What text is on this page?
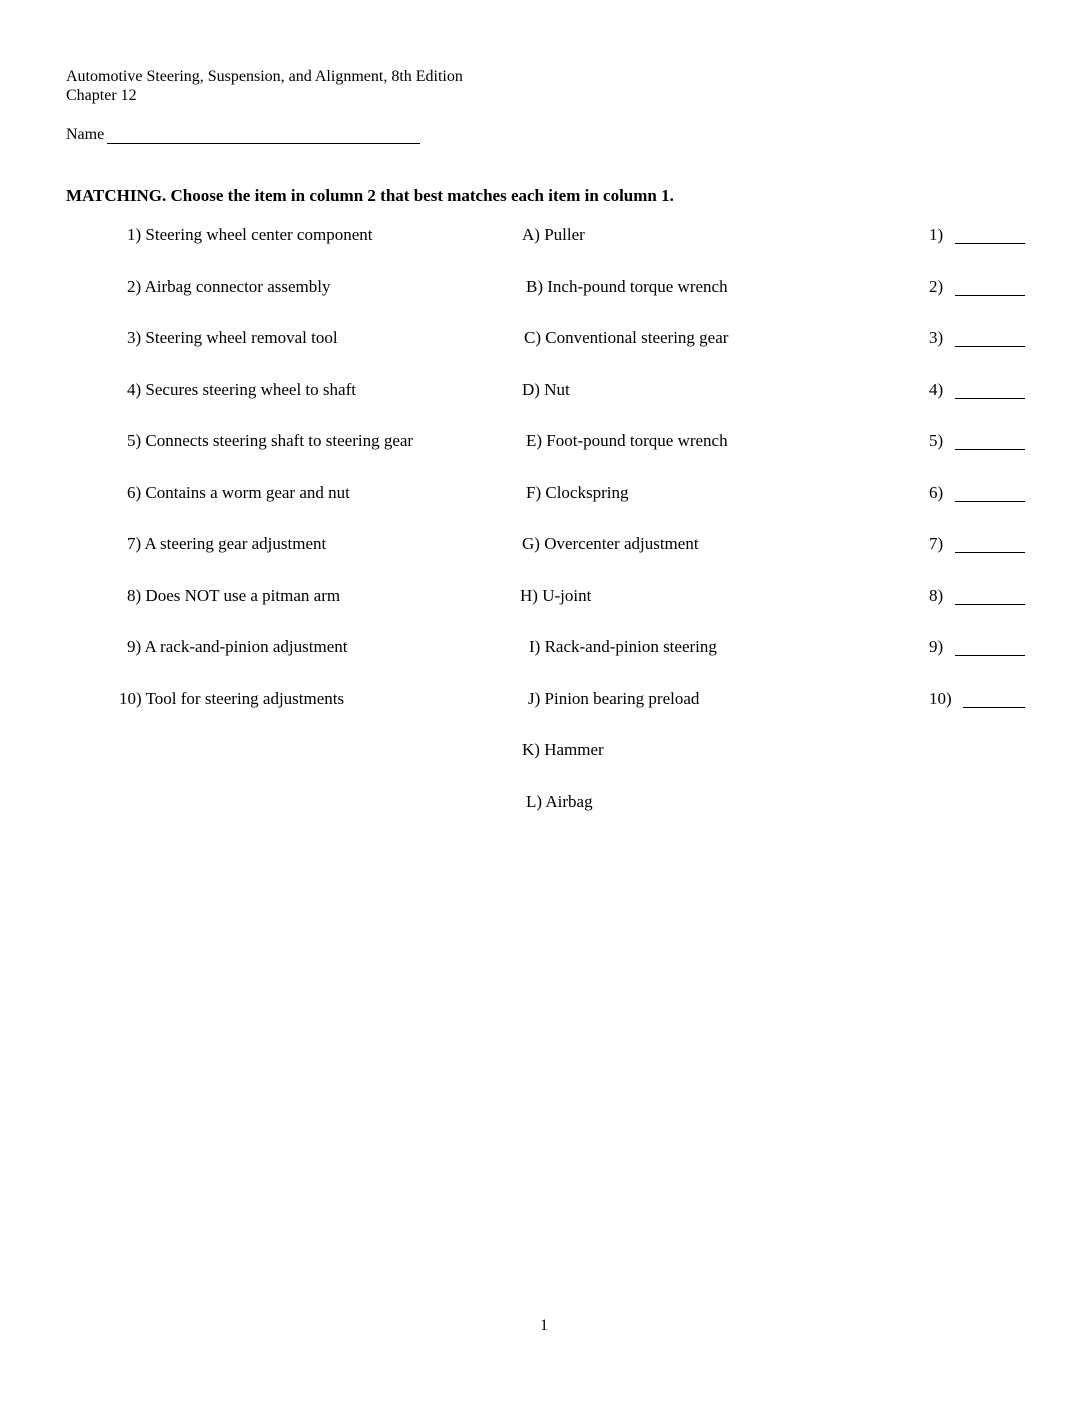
Automotive Steering, Suspension, and Alignment, 8th Edition
Chapter 12
Name
MATCHING. Choose the item in column 2 that best matches each item in column 1.
1) Steering wheel center component
2) Airbag connector assembly
3) Steering wheel removal tool
4) Secures steering wheel to shaft
5) Connects steering shaft to steering gear
6) Contains a worm gear and nut
7) A steering gear adjustment
8) Does NOT use a pitman arm
9) A rack-and-pinion adjustment
10) Tool for steering adjustments
A) Puller
B) Inch-pound torque wrench
C) Conventional steering gear
D) Nut
E) Foot-pound torque wrench
F) Clockspring
G) Overcenter adjustment
H) U-joint
I) Rack-and-pinion steering
J) Pinion bearing preload
K) Hammer
L) Airbag
1)
2)
3)
4)
5)
6)
7)
8)
9)
10)
1
